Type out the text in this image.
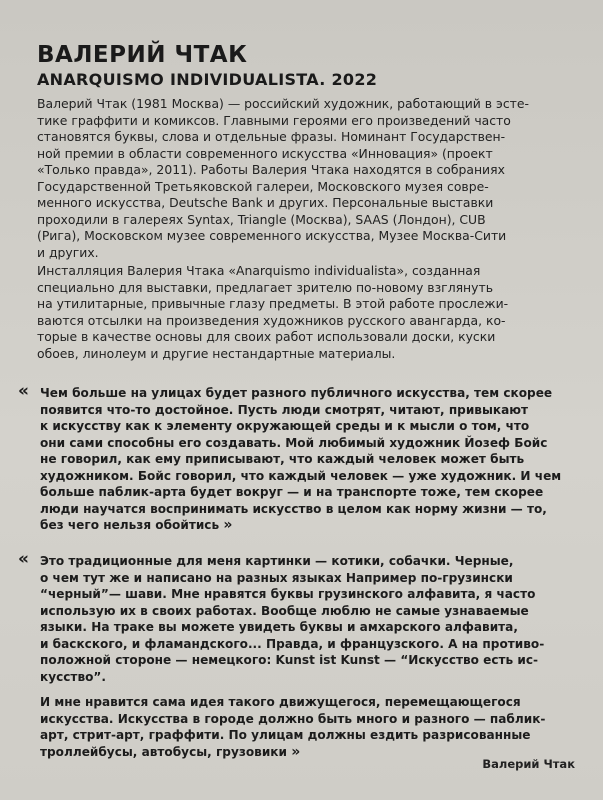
ВАЛЕРИЙ ЧТАК
ANARQUISMO INDIVIDUALISTA. 2022

Валерий Чтак (1981 Москва) — российский художник, работающий в эсте-
тике граффити и комиксов. Главными героями его произведений часто
становятся буквы, слова и отдельные фразы. Номинант Государствен-
ной премии в области современного искусства «Инновация» (проект
«Только правда», 2011). Работы Валерия Чтака находятся в собраниях
Государственной Третьяковской галереи, Московского музея совре-
менного искусства, Deutsche Bank и других. Персональные выставки
проходили в галереях Syntax, Triangle (Москва), SAAS (Лондон), CUB
(Рига), Московском музее современного искусства, Музее Москва-Сити
и других.

Инсталляция Валерия Чтака «Anarquismo individualista», созданная
специально для выставки, предлагает зрителю по-новому взглянуть
на утилитарные, привычные глазу предметы. В этой работе прослежи-
ваются отсылки на произведения художников русского авангарда, ко-
торые в качестве основы для своих работ использовали доски, куски
обоев, линолеум и другие нестандартные материалы.

« Чем больше на улицах будет разного публичного искусства, тем скорее
появится что-то достойное. Пусть люди смотрят, читают, привыкают
к искусству как к элементу окружающей среды и к мысли о том, что
они сами способны его создавать. Мой любимый художник Йозеф Бойс
не говорил, как ему приписывают, что каждый человек может быть
художником. Бойс говорил, что каждый человек — уже художник. И чем
больше паблик-арта будет вокруг — и на транспорте тоже, тем скорее
люди научатся воспринимать искусство в целом как норму жизни — то,
без чего нельзя обойтись »
« Это традиционные для меня картинки — котики, собачки. Черные,
о чем тут же и написано на разных языках Например по-грузински
“черный”— шави. Мне нравятся буквы грузинского алфавита, я часто
использую их в своих работах. Вообще люблю не самые узнаваемые
языки. На траке вы можете увидеть буквы и амхарского алфавита,
и баскского, и фламандского... Правда, и французского. А на противо-
положной стороне — немецкого: Kunst ist Kunst — “Искусство есть ис-
кусство”.

И мне нравится сама идея такого движущегося, перемещающегося
искусства. Искусства в городе должно быть много и разного — паблик-
арт, стрит-арт, граффити. По улицам должны ездить разрисованные
троллейбусы, автобусы, грузовики »

Валерий Чтак
